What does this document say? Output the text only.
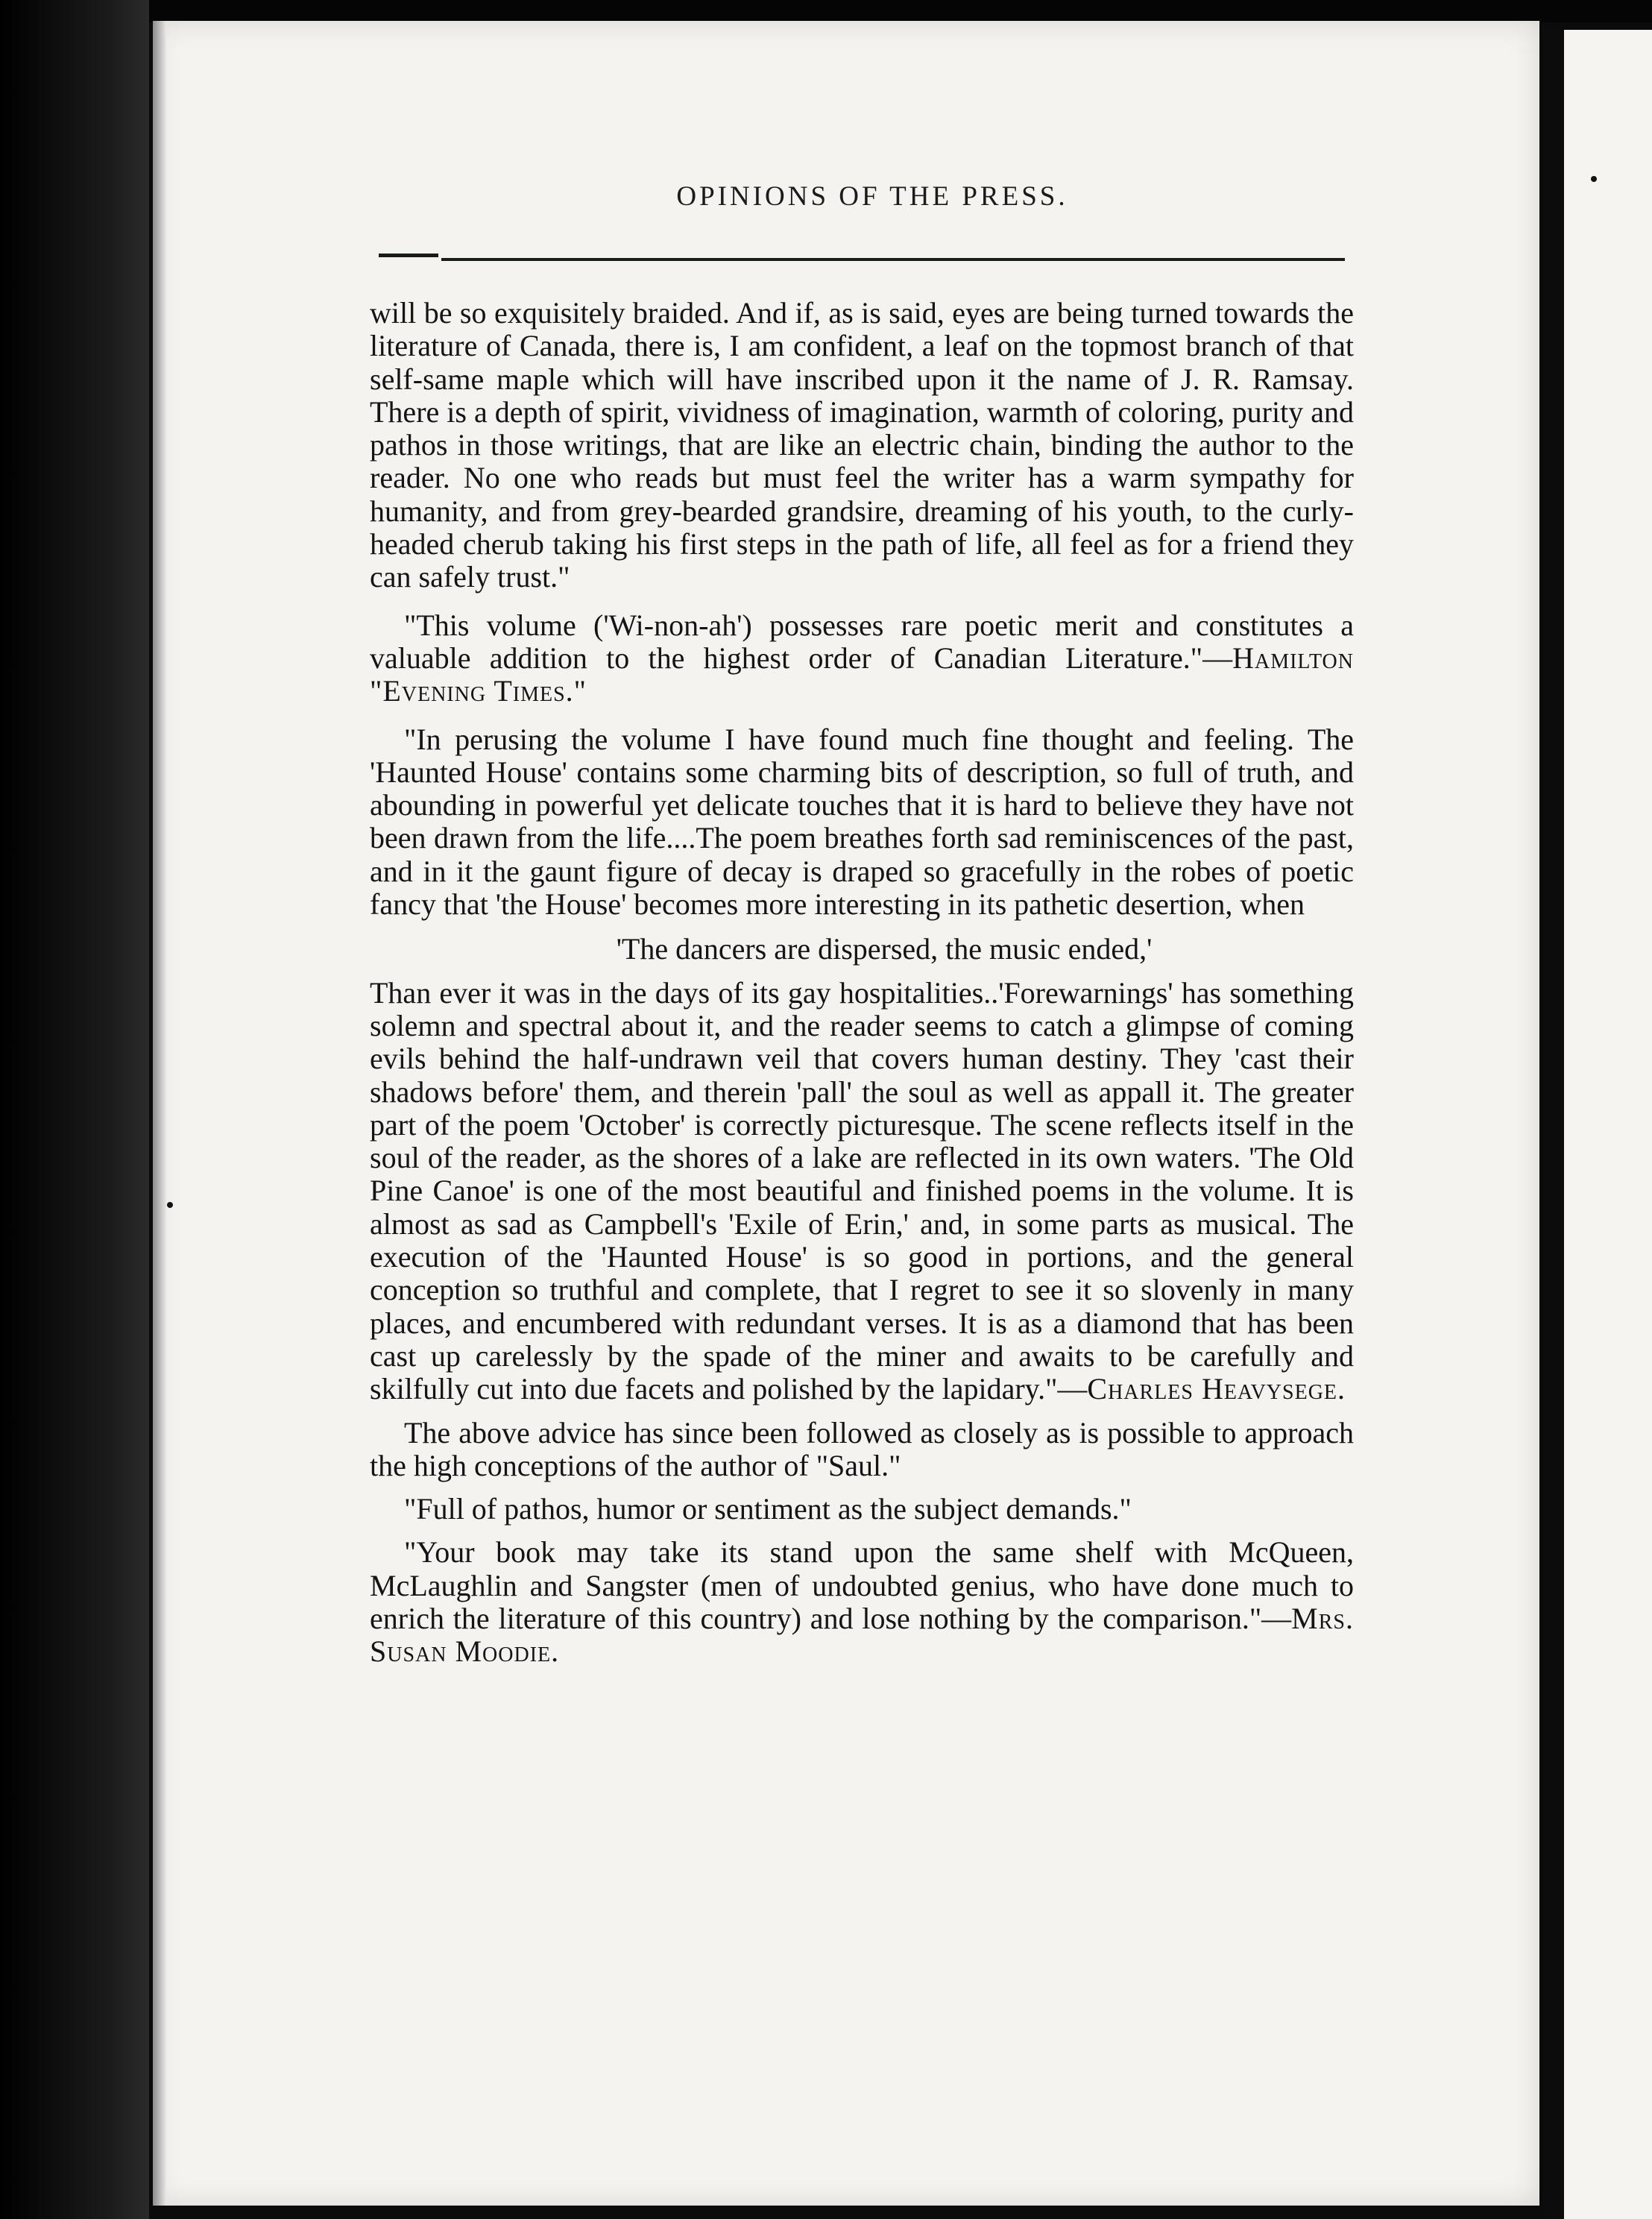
OPINIONS OF THE PRESS.

will be so exquisitely braided. And if, as is said, eyes are being turned towards the literature of Canada, there is, I am confident, a leaf on the topmost branch of that self-same maple which will have inscribed upon it the name of J. R. Ramsay. There is a depth of spirit, vividness of imagination, warmth of coloring, purity and pathos in those writings, that are like an electric chain, binding the author to the reader. No one who reads but must feel the writer has a warm sympathy for humanity, and from grey-bearded grandsire, dreaming of his youth, to the curly-headed cherub taking his first steps in the path of life, all feel as for a friend they can safely trust."

"This volume ('Wi-non-ah') possesses rare poetic merit and constitutes a valuable addition to the highest order of Canadian Literature."—Hamilton "Evening Times."

"In perusing the volume I have found much fine thought and feeling. The 'Haunted House' contains some charming bits of description, so full of truth, and abounding in powerful yet delicate touches that it is hard to believe they have not been drawn from the life....The poem breathes forth sad reminiscences of the past, and in it the gaunt figure of decay is draped so gracefully in the robes of poetic fancy that 'the House' becomes more interesting in its pathetic desertion, when

'The dancers are dispersed, the music ended,'

Than ever it was in the days of its gay hospitalities..'Forewarnings' has something solemn and spectral about it, and the reader seems to catch a glimpse of coming evils behind the half-undrawn veil that covers human destiny. They 'cast their shadows before' them, and therein 'pall' the soul as well as appall it. The greater part of the poem 'October' is correctly picturesque. The scene reflects itself in the soul of the reader, as the shores of a lake are reflected in its own waters. 'The Old Pine Canoe' is one of the most beautiful and finished poems in the volume. It is almost as sad as Campbell's 'Exile of Erin,' and, in some parts as musical. The execution of the 'Haunted House' is so good in portions, and the general conception so truthful and complete, that I regret to see it so slovenly in many places, and encumbered with redundant verses. It is as a diamond that has been cast up carelessly by the spade of the miner and awaits to be carefully and skilfully cut into due facets and polished by the lapidary."—Charles Heavysege.

The above advice has since been followed as closely as is possible to approach the high conceptions of the author of "Saul."

"Full of pathos, humor or sentiment as the subject demands."

"Your book may take its stand upon the same shelf with McQueen, McLaughlin and Sangster (men of undoubted genius, who have done much to enrich the literature of this country) and lose nothing by the comparison."—Mrs. Susan Moodie.
